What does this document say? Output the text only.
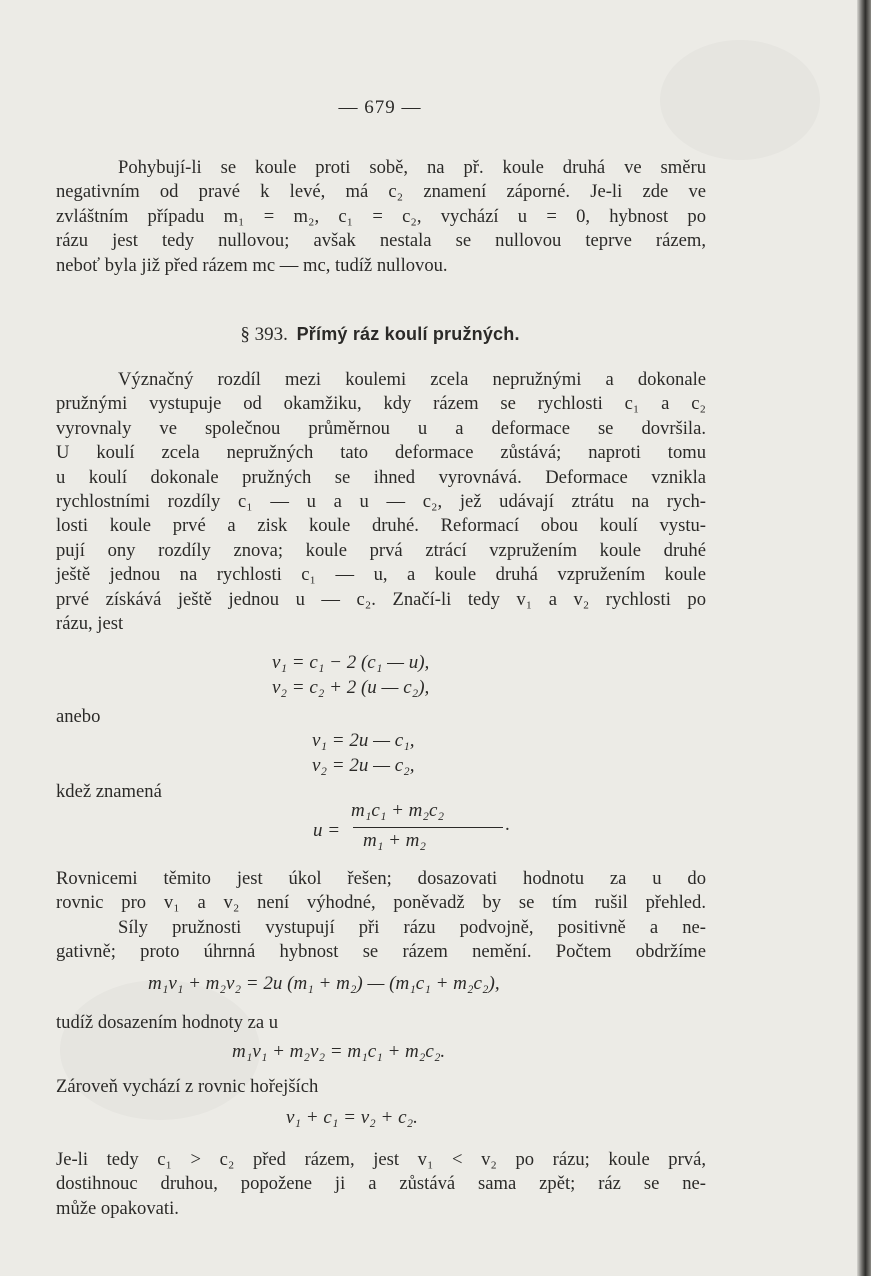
— 679 —
Pohybují-li se koule proti sobě, na př. koule druhá ve směru
negativním od pravé k levé, má c₂ znamení záporné. Je-li zde ve
zvláštním případu m₁ = m₂, c₁ = c₂, vychází u = 0, hybnost po
rázu jest tedy nullovou; avšak nestala se nullovou teprve rázem,
neboť byla již před rázem mc — mc, tudíž nullovou.
§ 393. Přímý ráz koulí pružných.
Význačný rozdíl mezi koulemi zcela nepružnými a dokonale
pružnými vystupuje od okamžiku, kdy rázem se rychlosti c₁ a c₂
vyrovnaly ve společnou průměrnou u a deformace se dovršila.
U koulí zcela nepružných tato deformace zůstává; naproti tomu
u koulí dokonale pružných se ihned vyrovnává. Deformace vznikla
rychlostními rozdíly c₁ — u a u — c₂, jež udávají ztrátu na rych-
losti koule prvé a zisk koule druhé. Reformací obou koulí vystu-
pují ony rozdíly znova; koule prvá ztrácí vzpružením koule druhé
ještě jednou na rychlosti c₁ — u, a koule druhá vzpružením koule
prvé získává ještě jednou u — c₂. Značí-li tedy v₁ a v₂ rychlosti po
rázu, jest
v₁ = c₁ − 2 (c₁ — u),
v₂ = c₂ + 2 (u — c₂),
anebo
v₁ = 2u — c₁,
v₂ = 2u — c₂,
kdež znamená
u =
m₁c₁ + m₂c₂
m₁ + m₂
.
Rovnicemi těmito jest úkol řešen; dosazovati hodnotu za u do
rovnic pro v₁ a v₂ není výhodné, poněvadž by se tím rušil přehled.
Síly pružnosti vystupují při rázu podvojně, positivně a ne-
gativně; proto úhrnná hybnost se rázem nemění. Počtem obdržíme
m₁v₁ + m₂v₂ = 2u (m₁ + m₂) — (m₁c₁ + m₂c₂),
tudíž dosazením hodnoty za u
m₁v₁ + m₂v₂ = m₁c₁ + m₂c₂.
Zároveň vychází z rovnic hořejších
v₁ + c₁ = v₂ + c₂.
Je-li tedy c₁ > c₂ před rázem, jest v₁ < v₂ po rázu; koule prvá,
dostihnouc druhou, popožene ji a zůstává sama zpět; ráz se ne-
může opakovati.
